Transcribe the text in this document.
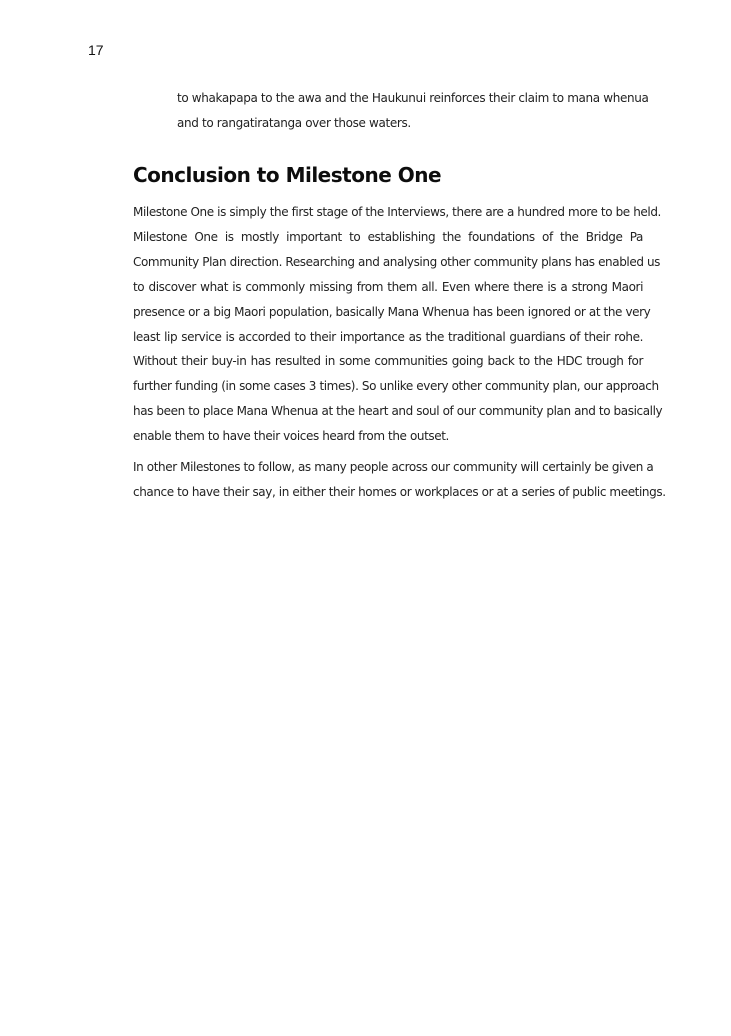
17
to whakapapa to the awa and the Haukunui reinforces their claim to mana whenua
and to rangatiratanga over those waters.
Conclusion to Milestone One
Milestone One is simply the first stage of the Interviews, there are a hundred more to be held.
Milestone One is mostly important to establishing the foundations of the Bridge Pa
Community Plan direction. Researching and analysing other community plans has enabled us
to discover what is commonly missing from them all. Even where there is a strong Maori
presence or a big Maori population, basically Mana Whenua has been ignored or at the very
least lip service is accorded to their importance as the traditional guardians of their rohe.
Without their buy-in has resulted in some communities going back to the HDC trough for
further funding (in some cases 3 times). So unlike every other community plan, our approach
has been to place Mana Whenua at the heart and soul of our community plan and to basically
enable them to have their voices heard from the outset.
In other Milestones to follow, as many people across our community will certainly be given a
chance to have their say, in either their homes or workplaces or at a series of public meetings.
